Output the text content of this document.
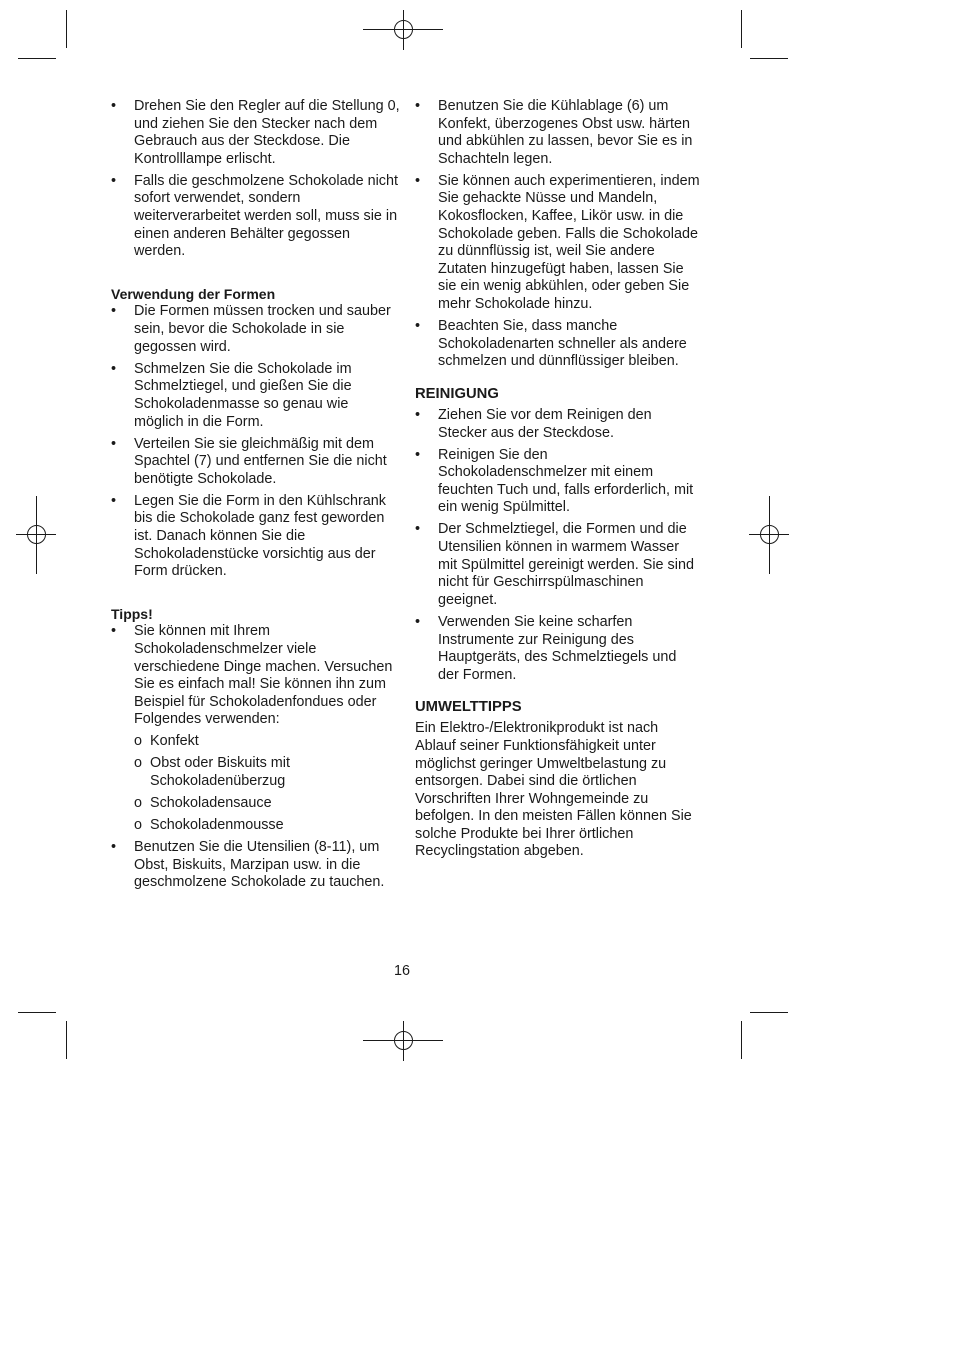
• Drehen Sie den Regler auf die Stellung 0, und ziehen Sie den Stecker nach dem Gebrauch aus der Steckdose. Die Kontrolllampe erlischt.
• Falls die geschmolzene Schokolade nicht sofort verwendet, sondern weiterverarbeitet werden soll, muss sie in einen anderen Behälter gegossen werden.
Verwendung der Formen
• Die Formen müssen trocken und sauber sein, bevor die Schokolade in sie gegossen wird.
• Schmelzen Sie die Schokolade im Schmelztiegel, und gießen Sie die Schokoladenmasse so genau wie möglich in die Form.
• Verteilen Sie sie gleichmäßig mit dem Spachtel (7) und entfernen Sie die nicht benötigte Schokolade.
• Legen Sie die Form in den Kühlschrank bis die Schokolade ganz fest geworden ist. Danach können Sie die Schokoladenstücke vorsichtig aus der Form drücken.
Tipps!
• Sie können mit Ihrem Schokoladenschmelzer viele verschiedene Dinge machen. Versuchen Sie es einfach mal! Sie können ihn zum Beispiel für Schokoladenfondues oder Folgendes verwenden:
o Konfekt
o Obst oder Biskuits mit Schokoladenüberzug
o Schokoladensauce
o Schokoladenmousse
• Benutzen Sie die Utensilien (8-11), um Obst, Biskuits, Marzipan usw. in die geschmolzene Schokolade zu tauchen.
• Benutzen Sie die Kühlablage (6) um Konfekt, überzogenes Obst usw. härten und abkühlen zu lassen, bevor Sie es in Schachteln legen.
• Sie können auch experimentieren, indem Sie gehackte Nüsse und Mandeln, Kokosflocken, Kaffee, Likör usw. in die Schokolade geben. Falls die Schokolade zu dünnflüssig ist, weil Sie andere Zutaten hinzugefügt haben, lassen Sie sie ein wenig abkühlen, oder geben Sie mehr Schokolade hinzu.
• Beachten Sie, dass manche Schokoladenarten schneller als andere schmelzen und dünnflüssiger bleiben.
REINIGUNG
• Ziehen Sie vor dem Reinigen den Stecker aus der Steckdose.
• Reinigen Sie den Schokoladenschmelzer mit einem feuchten Tuch und, falls erforderlich, mit ein wenig Spülmittel.
• Der Schmelztiegel, die Formen und die Utensilien können in warmem Wasser mit Spülmittel gereinigt werden. Sie sind nicht für Geschirrspülmaschinen geeignet.
• Verwenden Sie keine scharfen Instrumente zur Reinigung des Hauptgeräts, des Schmelztiegels und der Formen.
UMWELTTIPPS

Ein Elektro-/Elektronikprodukt ist nach Ablauf seiner Funktionsfähigkeit unter möglichst geringer Umweltbelastung zu entsorgen. Dabei sind die örtlichen Vorschriften Ihrer Wohngemeinde zu befolgen. In den meisten Fällen können Sie solche Produkte bei Ihrer örtlichen Recyclingstation abgeben.

16
